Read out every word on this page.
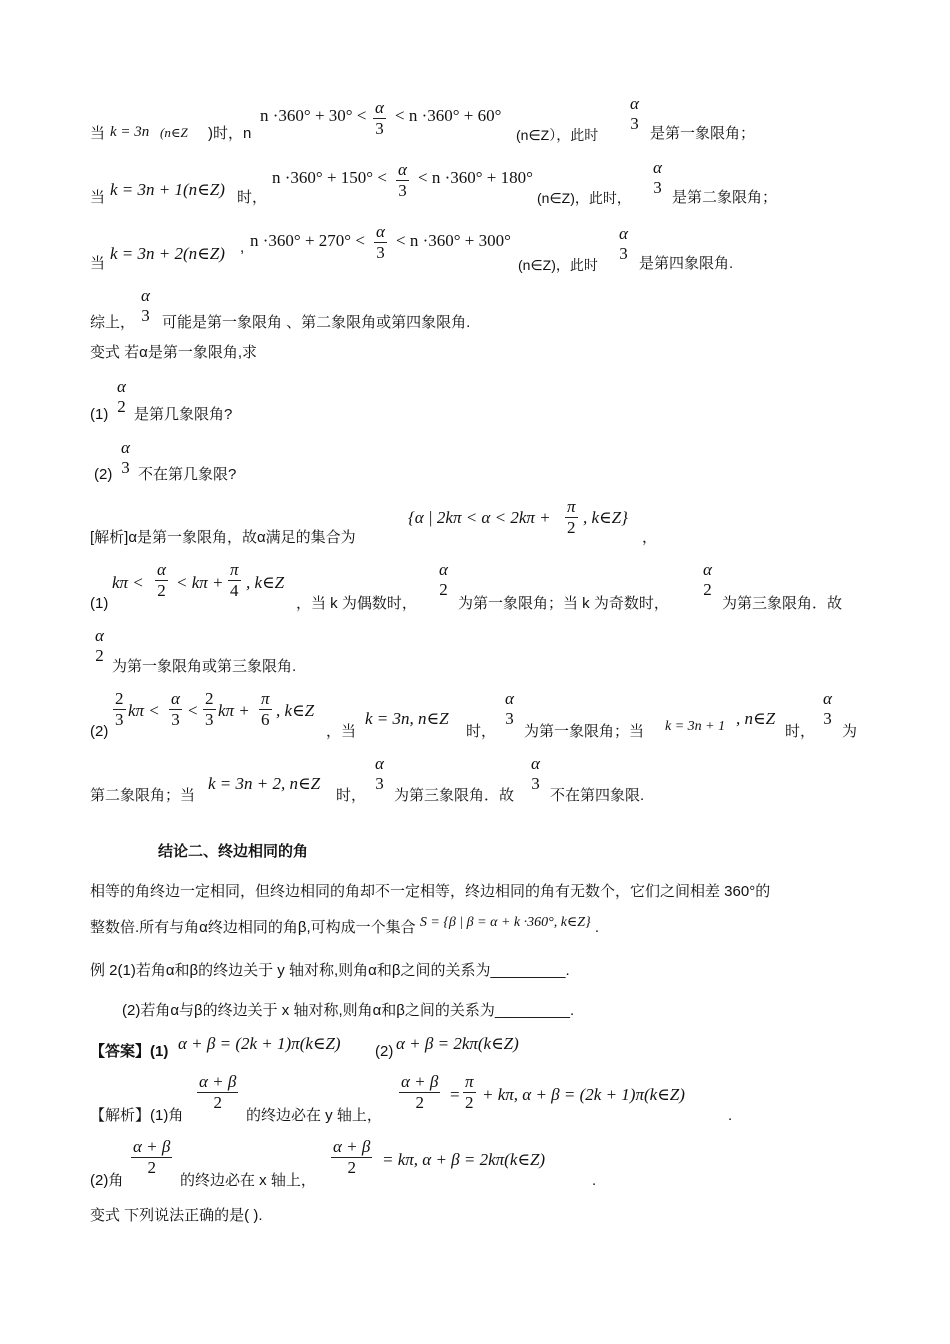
当 k = 3n (n∈Z )时，n
$n \cdot 360^\circ + 30^\circ < \frac{\alpha}{3} < n \cdot 360^\circ + 60^\circ$
(n∈Z），此时
α
3
是第一象限角；
当 k = 3n + 1(n∈Z) 时，
$n \cdot 360^\circ + 150^\circ < \frac{\alpha}{3} < n \cdot 360^\circ + 180^\circ$
(n∈Z)，此时，
α
3
是第二象限角；
当
k = 3n + 2(n∈Z) , $n \cdot 360^\circ + 270^\circ < \frac{\alpha}{3} < n \cdot 360^\circ + 300^\circ$
(n∈Z)，此时
α
3
是第四象限角.
综上，
α
3 可能是第一象限角 、第二象限角或第四象限角.
变式 若α是第一象限角,求
(1)
α
2 是第几象限角?
(2)
α
3 不在第几象限?
[解析]α是第一象限角，故α满足的集合为
{α | $2k\pi < \alpha < 2k\pi + \frac{\pi}{2}$ , k∈Z}
，
(1)
$k\pi < \frac{\alpha}{2} < k\pi + \frac{\pi}{4}$ , k∈Z
，当 k 为偶数时，
α
2
为第一象限角；当 k 为奇数时，
α
2
为第三象限角．故
α
2
为第一象限角或第三象限角.
(2)
$\frac{2}{3}$ $k\pi < \frac{\alpha}{3} < \frac{2}{3}$ $k\pi + \frac{\pi}{6}$ , k∈Z
，当
k = 3n, n∈Z
时，
α
3
为第一象限角；当 k = 3n + 1 , n∈Z
时，
α
3
为
第二象限角；当
k = 3n + 2, n∈Z
时，
α
3
为第三象限角．故
α
3
不在第四象限.
结论二、终边相同的角
相等的角终边一定相同，但终边相同的角却不一定相等，终边相同的角有无数个，它们之间相差 360°的
整数倍.所有与角α终边相同的角β,可构成一个集合 S = {β | β = α + k ·360°, k∈Z} .
例 2(1)若角α和β的终边关于 y 轴对称,则角α和β之间的关系为_________.
(2)若角α与β的终边关于 x 轴对称,则角α和β之间的关系为_________.
【答案】(1) α + β = (2k + 1)π(k∈Z) (2) α + β = 2kπ(k∈Z)
【解析】(1)角
$\frac{\alpha + \beta}{2}$
的终边必在 y 轴上，
$\frac{\alpha + \beta}{2} = \frac{\pi}{2} + k\pi$, α + β = (2k + 1)π(k∈Z)
.
(2)角
$\frac{\alpha + \beta}{2}$
的终边必在 x 轴上，
$\frac{\alpha + \beta}{2} = k\pi$, α + β = 2kπ(k∈Z)
.
变式 下列说法正确的是( ).
